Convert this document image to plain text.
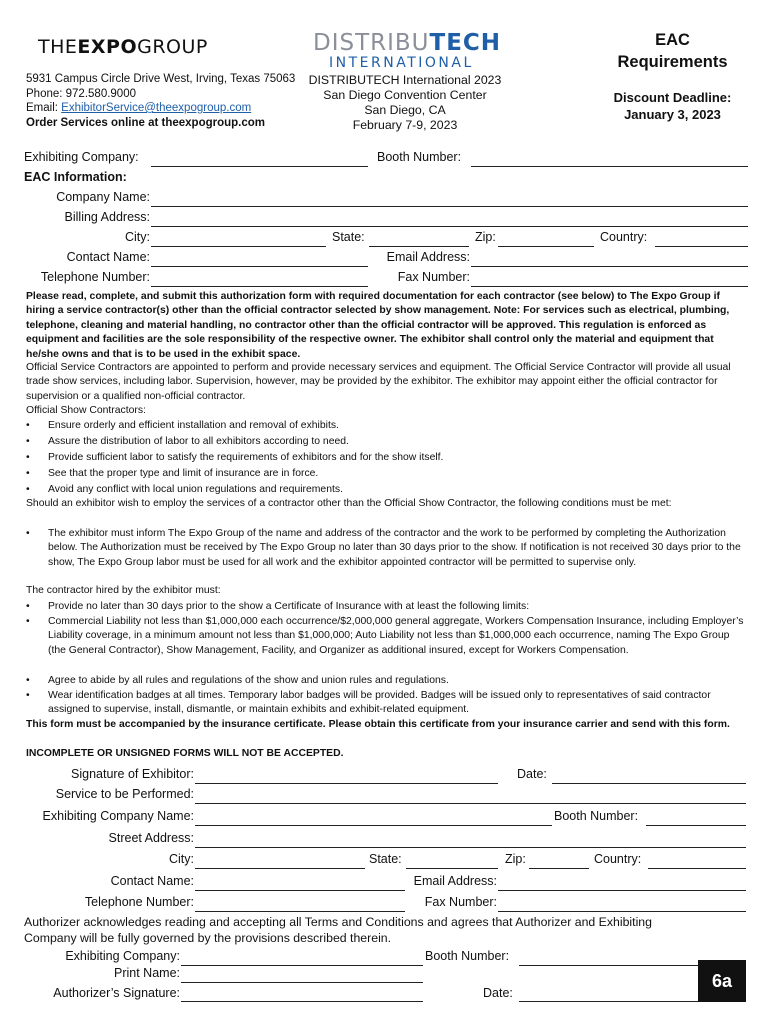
THEEXPOGROUP	DISTRIBUTECH
INTERNATIONAL
5931 Campus Circle Drive West, Irving, Texas 75063
Phone: 972.580.9000
Email: ExhibitorService@theexpogroup.com
Order Services online at theexpogroup.com
DISTRIBUTECH International 2023
San Diego Convention Center
San Diego, CA
February 7-9, 2023
EAC
Requirements
Discount Deadline:
January 3, 2023
Exhibiting Company:	Booth Number:
EAC Information:
Company Name:
Billing Address:
City:	State:	Zip:	Country:
Contact Name:	Email Address:
Telephone Number:	Fax Number:
Please read, complete, and submit this authorization form with required documentation for each contractor (see below) to The Expo Group if hiring a service contractor(s) other than the official contractor selected by show management. Note: For services such as electrical, plumbing, telephone, cleaning and material handling, no contractor other than the official contractor will be approved. This regulation is enforced as equipment and facilities are the sole responsibility of the respective owner. The exhibitor shall control only the material and equipment that he/she owns and that is to be used in the exhibit space.
Official Service Contractors are appointed to perform and provide necessary services and equipment. The Official Service Contractor will provide all usual trade show services, including labor. Supervision, however, may be provided by the exhibitor. The exhibitor may appoint either the official contractor for supervision or a qualified non-official contractor.
Official Show Contractors:
• Ensure orderly and efficient installation and removal of exhibits.
• Assure the distribution of labor to all exhibitors according to need.
• Provide sufficient labor to satisfy the requirements of exhibitors and for the show itself.
• See that the proper type and limit of insurance are in force.
• Avoid any conflict with local union regulations and requirements.
Should an exhibitor wish to employ the services of a contractor other than the Official Show Contractor, the following conditions must be met:
• The exhibitor must inform The Expo Group of the name and address of the contractor and the work to be performed by completing the Authorization below. The Authorization must be received by The Expo Group no later than 30 days prior to the show. If notification is not received 30 days prior to the show, The Expo Group labor must be used for all work and the exhibitor appointed contractor will be permitted to supervise only.
The contractor hired by the exhibitor must:
• Provide no later than 30 days prior to the show a Certificate of Insurance with at least the following limits:
• Commercial Liability not less than $1,000,000 each occurrence/$2,000,000 general aggregate, Workers Compensation Insurance, including Employer’s Liability coverage, in a minimum amount not less than $1,000,000; Auto Liability not less than $1,000,000 each occurrence, naming The Expo Group (the General Contractor), Show Management, Facility, and Organizer as additional insured, except for Workers Compensation.
• Agree to abide by all rules and regulations of the show and union rules and regulations.
• Wear identification badges at all times. Temporary labor badges will be provided. Badges will be issued only to representatives of said contractor assigned to supervise, install, dismantle, or maintain exhibits and exhibit-related equipment.
This form must be accompanied by the insurance certificate. Please obtain this certificate from your insurance carrier and send with this form.
INCOMPLETE OR UNSIGNED FORMS WILL NOT BE ACCEPTED.
Signature of Exhibitor:	Date:
Service to be Performed:
Exhibiting Company Name:	Booth Number:
Street Address:
City:	State:	Zip:	Country:
Contact Name:	Email Address:
Telephone Number:	Fax Number:
Authorizer acknowledges reading and accepting all Terms and Conditions and agrees that Authorizer and Exhibiting Company will be fully governed by the provisions described therein.
Exhibiting Company:	Booth Number:
Print Name:
Authorizer’s Signature:	Date:
6a
